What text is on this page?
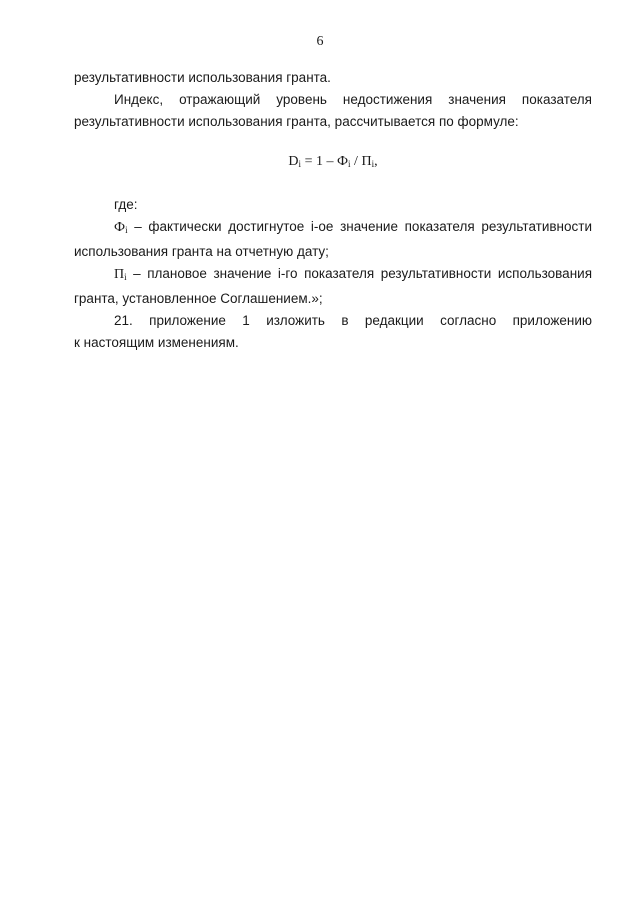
6

результативности использования гранта.

Индекс, отражающий уровень недостижения значения показателя

результативности использования гранта, рассчитывается по формуле:

$D_i = 1 - Ф_i / П_i$,

где:

$Ф_i$ – фактически достигнутое i-ое значение показателя результативности

использования гранта на отчетную дату;

$П_i$ – плановое значение i-го показателя результативности использования

гранта, установленное Соглашением.»;

21. приложение 1 изложить в редакции согласно приложению

к настоящим изменениям.
